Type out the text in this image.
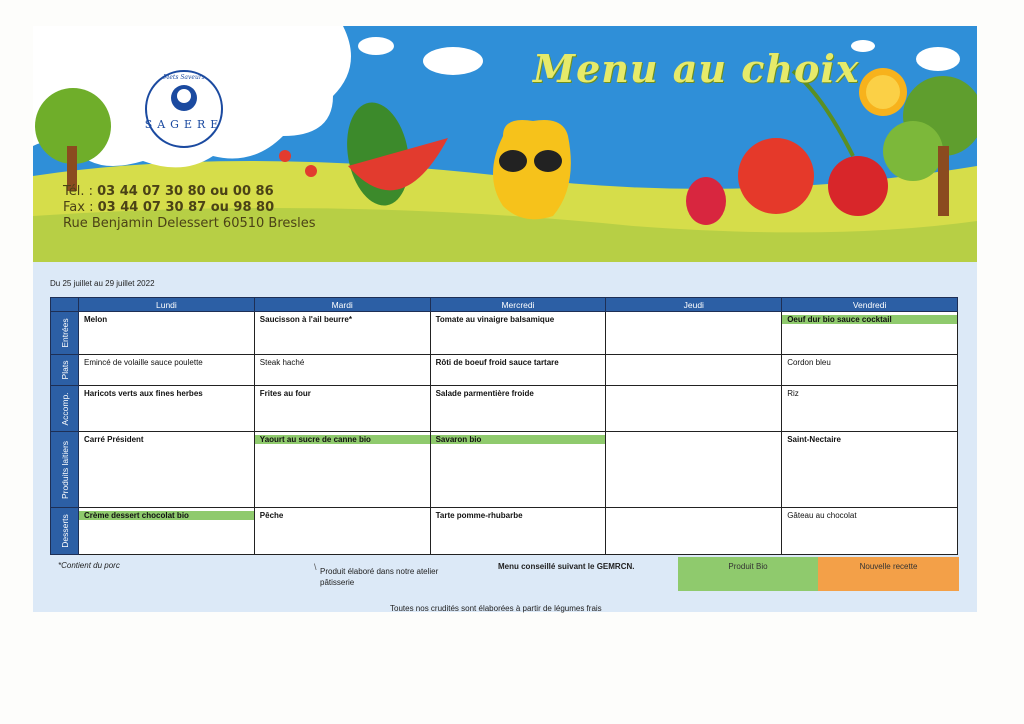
Mets Saveurs
SAGERE
Menu au choix
Tél. : 03 44 07 30 80 ou 00 86
Fax : 03 44 07 30 87 ou 98 80
Rue Benjamin Delessert 60510 Bresles
Du 25 juillet au 29 juillet 2022
	Lundi	Mardi	Mercredi	Jeudi	Vendredi

Entrées	Melon	Saucisson à l'ail beurre*	Tomate au vinaigre balsamique		Oeuf dur bio sauce cocktail

Plats	Emincé de volaille sauce poulette	Steak haché	Rôti de boeuf froid sauce tartare		Cordon bleu

Accomp.	Haricots verts aux fines herbes	Frites au four	Salade parmentière froide		Riz

Produits laitiers	Carré Président	Yaourt au sucre de canne bio	Savaron bio		Saint-Nectaire

Desserts	Crème dessert chocolat bio	Pêche	Tarte pomme-rhubarbe		Gâteau au chocolat
*Contient du porc	\ Produit élaboré dans notre atelier pâtisserie
Menu conseillé suivant le GEMRCN.	Produit Bio	Nouvelle recette
Toutes nos crudités sont élaborées à partir de légumes frais
